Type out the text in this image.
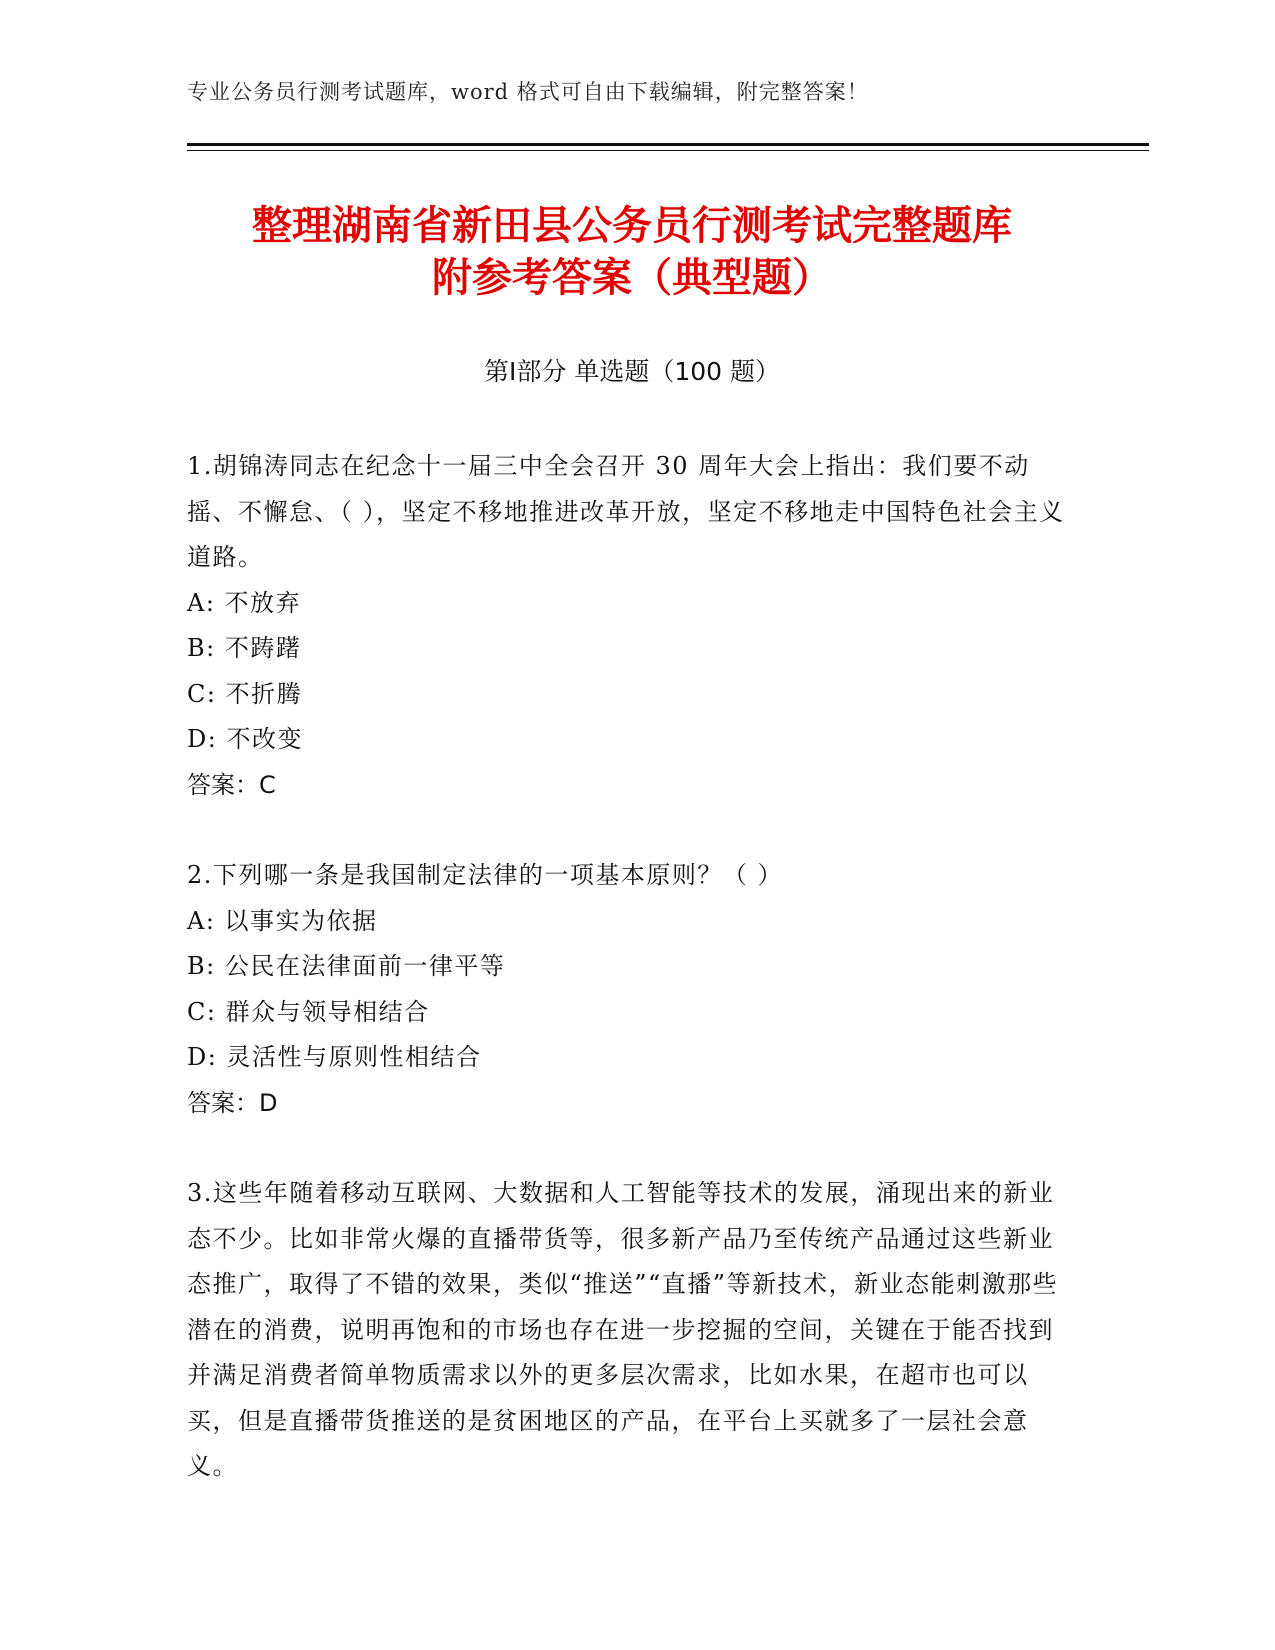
专业公务员行测考试题库，word 格式可自由下载编辑，附完整答案！
整理湖南省新田县公务员行测考试完整题库
附参考答案（典型题）
第Ⅰ部分 单选题（100 题）
1.胡锦涛同志在纪念十一届三中全会召开 30 周年大会上指出：我们要不动摇、不懈怠、（ ），坚定不移地推进改革开放，坚定不移地走中国特色社会主义道路。
A: 不放弃
B: 不踌躇
C: 不折腾
D: 不改变
答案：C
2.下列哪一条是我国制定法律的一项基本原则？（ ）
A: 以事实为依据
B: 公民在法律面前一律平等
C: 群众与领导相结合
D: 灵活性与原则性相结合
答案：D
3.这些年随着移动互联网、大数据和人工智能等技术的发展，涌现出来的新业态不少。比如非常火爆的直播带货等，很多新产品乃至传统产品通过这些新业态推广，取得了不错的效果，类似“推送”“直播”等新技术，新业态能刺激那些潜在的消费，说明再饱和的市场也存在进一步挖掘的空间，关键在于能否找到并满足消费者简单物质需求以外的更多层次需求，比如水果，在超市也可以买，但是直播带货推送的是贫困地区的产品，在平台上买就多了一层社会意义。
